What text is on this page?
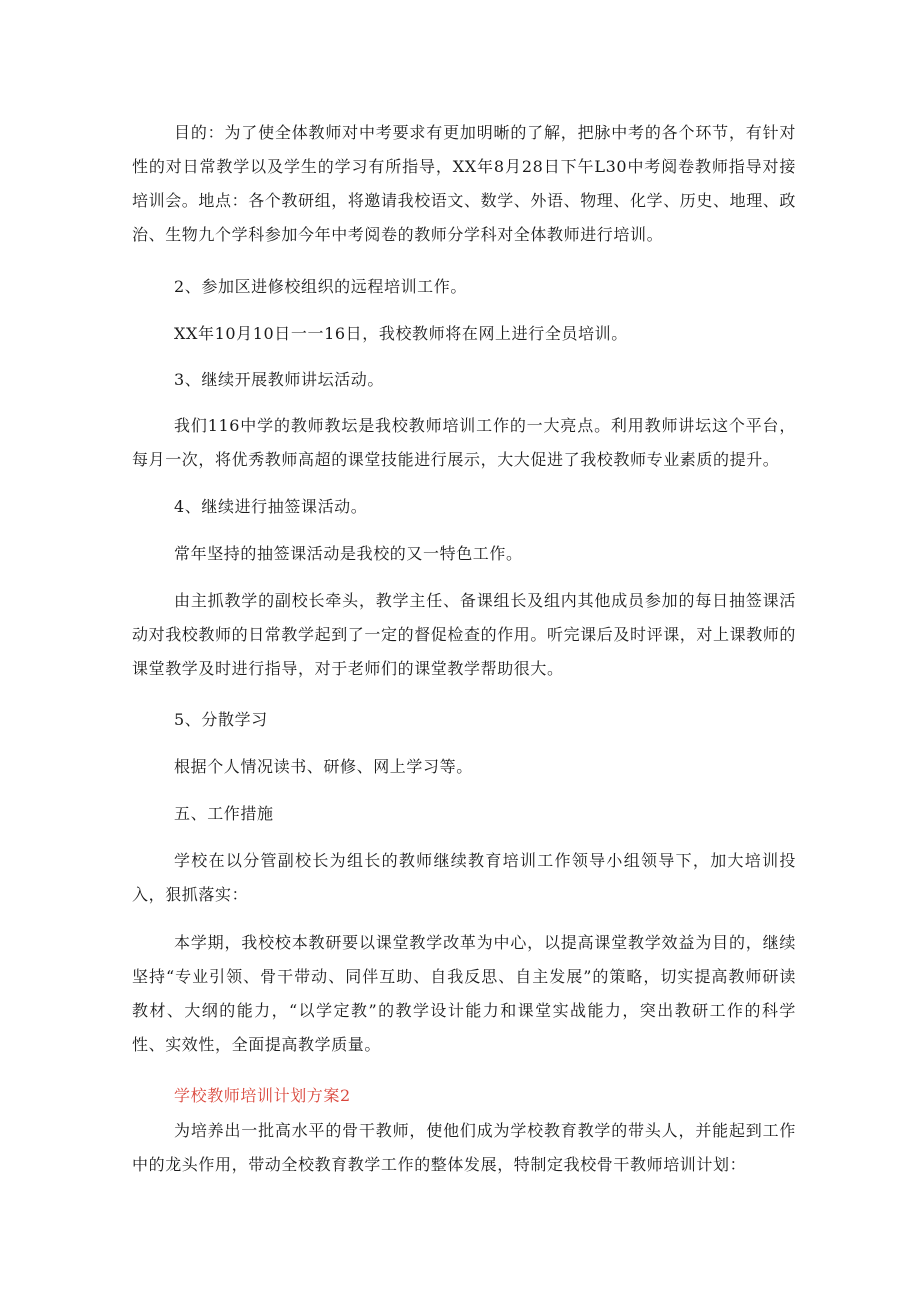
目的：为了使全体教师对中考要求有更加明晰的了解，把脉中考的各个环节，有针对性的对日常教学以及学生的学习有所指导，XX年8月28日下午L30中考阅卷教师指导对接培训会。地点：各个教研组，将邀请我校语文、数学、外语、物理、化学、历史、地理、政治、生物九个学科参加今年中考阅卷的教师分学科对全体教师进行培训。

2、参加区进修校组织的远程培训工作。

XX年10月10日一一16日，我校教师将在网上进行全员培训。

3、继续开展教师讲坛活动。

我们116中学的教师教坛是我校教师培训工作的一大亮点。利用教师讲坛这个平台，每月一次，将优秀教师高超的课堂技能进行展示，大大促进了我校教师专业素质的提升。

4、继续进行抽签课活动。

常年坚持的抽签课活动是我校的又一特色工作。

由主抓教学的副校长牵头，教学主任、备课组长及组内其他成员参加的每日抽签课活动对我校教师的日常教学起到了一定的督促检查的作用。听完课后及时评课，对上课教师的课堂教学及时进行指导，对于老师们的课堂教学帮助很大。

5、分散学习

根据个人情况读书、研修、网上学习等。

五、工作措施

学校在以分管副校长为组长的教师继续教育培训工作领导小组领导下，加大培训投入，狠抓落实：

本学期，我校校本教研要以课堂教学改革为中心，以提高课堂教学效益为目的，继续坚持“专业引领、骨干带动、同伴互助、自我反思、自主发展”的策略，切实提高教师研读教材、大纲的能力，“以学定教”的教学设计能力和课堂实战能力，突出教研工作的科学性、实效性，全面提高教学质量。

学校教师培训计划方案2

为培养出一批高水平的骨干教师，使他们成为学校教育教学的带头人，并能起到工作中的龙头作用，带动全校教育教学工作的整体发展，特制定我校骨干教师培训计划：
